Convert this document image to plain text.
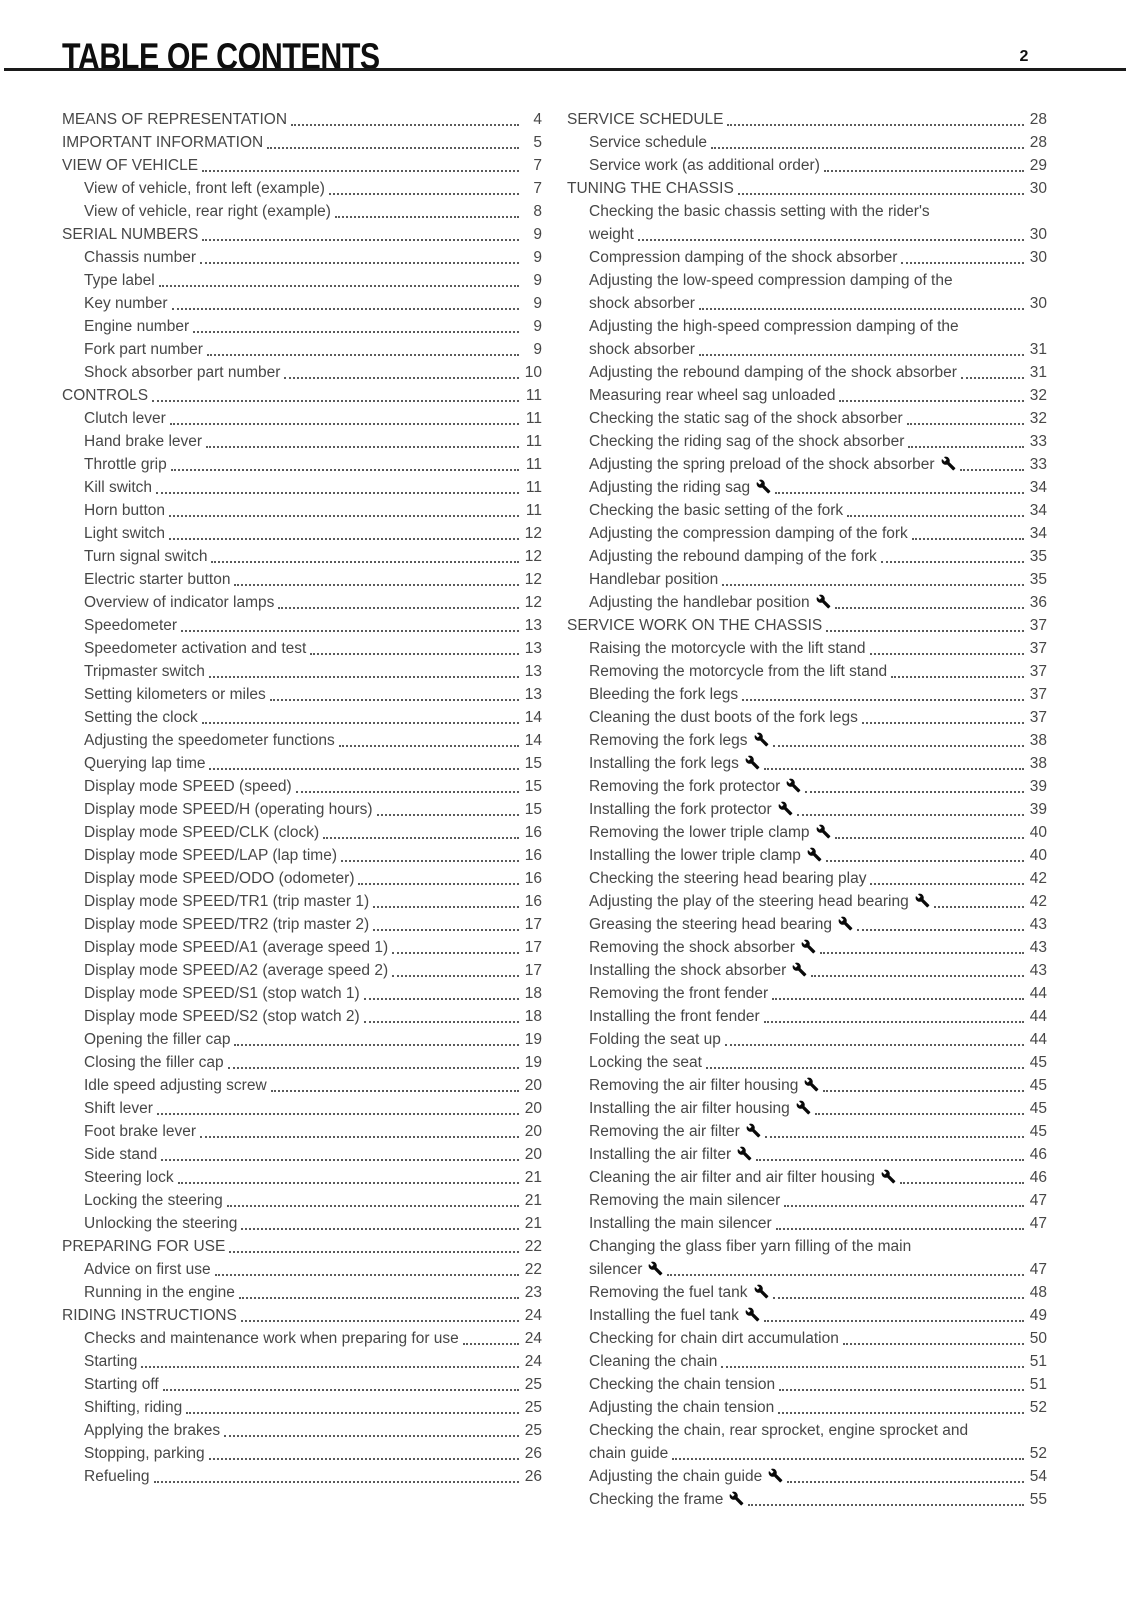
TABLE OF CONTENTS	2
MEANS OF REPRESENTATION	4
IMPORTANT INFORMATION	5
VIEW OF VEHICLE	7
View of vehicle, front left (example)	7
View of vehicle, rear right (example)	8
SERIAL NUMBERS	9
Chassis number	9
Type label	9
Key number	9
Engine number	9
Fork part number	9
Shock absorber part number	10
CONTROLS	11
Clutch lever	11
Hand brake lever	11
Throttle grip	11
Kill switch	11
Horn button	11
Light switch	12
Turn signal switch	12
Electric starter button	12
Overview of indicator lamps	12
Speedometer	13
Speedometer activation and test	13
Tripmaster switch	13
Setting kilometers or miles	13
Setting the clock	14
Adjusting the speedometer functions	14
Querying lap time	15
Display mode SPEED (speed)	15
Display mode SPEED/H (operating hours)	15
Display mode SPEED/CLK (clock)	16
Display mode SPEED/LAP (lap time)	16
Display mode SPEED/ODO (odometer)	16
Display mode SPEED/TR1 (trip master 1)	16
Display mode SPEED/TR2 (trip master 2)	17
Display mode SPEED/A1 (average speed 1)	17
Display mode SPEED/A2 (average speed 2)	17
Display mode SPEED/S1 (stop watch 1)	18
Display mode SPEED/S2 (stop watch 2)	18
Opening the filler cap	19
Closing the filler cap	19
Idle speed adjusting screw	20
Shift lever	20
Foot brake lever	20
Side stand	20
Steering lock	21
Locking the steering	21
Unlocking the steering	21
PREPARING FOR USE	22
Advice on first use	22
Running in the engine	23
RIDING INSTRUCTIONS	24
Checks and maintenance work when preparing for use	24
Starting	24
Starting off	25
Shifting, riding	25
Applying the brakes	25
Stopping, parking	26
Refueling	26
SERVICE SCHEDULE	28
Service schedule	28
Service work (as additional order)	29
TUNING THE CHASSIS	30
Checking the basic chassis setting with the rider's
weight	30
Compression damping of the shock absorber	30
Adjusting the low-speed compression damping of the
shock absorber	30
Adjusting the high-speed compression damping of the
shock absorber	31
Adjusting the rebound damping of the shock absorber	31
Measuring rear wheel sag unloaded	32
Checking the static sag of the shock absorber	32
Checking the riding sag of the shock absorber	33
Adjusting the spring preload of the shock absorber	33
Adjusting the riding sag	34
Checking the basic setting of the fork	34
Adjusting the compression damping of the fork	34
Adjusting the rebound damping of the fork	35
Handlebar position	35
Adjusting the handlebar position	36
SERVICE WORK ON THE CHASSIS	37
Raising the motorcycle with the lift stand	37
Removing the motorcycle from the lift stand	37
Bleeding the fork legs	37
Cleaning the dust boots of the fork legs	37
Removing the fork legs	38
Installing the fork legs	38
Removing the fork protector	39
Installing the fork protector	39
Removing the lower triple clamp	40
Installing the lower triple clamp	40
Checking the steering head bearing play	42
Adjusting the play of the steering head bearing	42
Greasing the steering head bearing	43
Removing the shock absorber	43
Installing the shock absorber	43
Removing the front fender	44
Installing the front fender	44
Folding the seat up	44
Locking the seat	45
Removing the air filter housing	45
Installing the air filter housing	45
Removing the air filter	45
Installing the air filter	46
Cleaning the air filter and air filter housing	46
Removing the main silencer	47
Installing the main silencer	47
Changing the glass fiber yarn filling of the main
silencer	47
Removing the fuel tank	48
Installing the fuel tank	49
Checking for chain dirt accumulation	50
Cleaning the chain	51
Checking the chain tension	51
Adjusting the chain tension	52
Checking the chain, rear sprocket, engine sprocket and
chain guide	52
Adjusting the chain guide	54
Checking the frame	55
